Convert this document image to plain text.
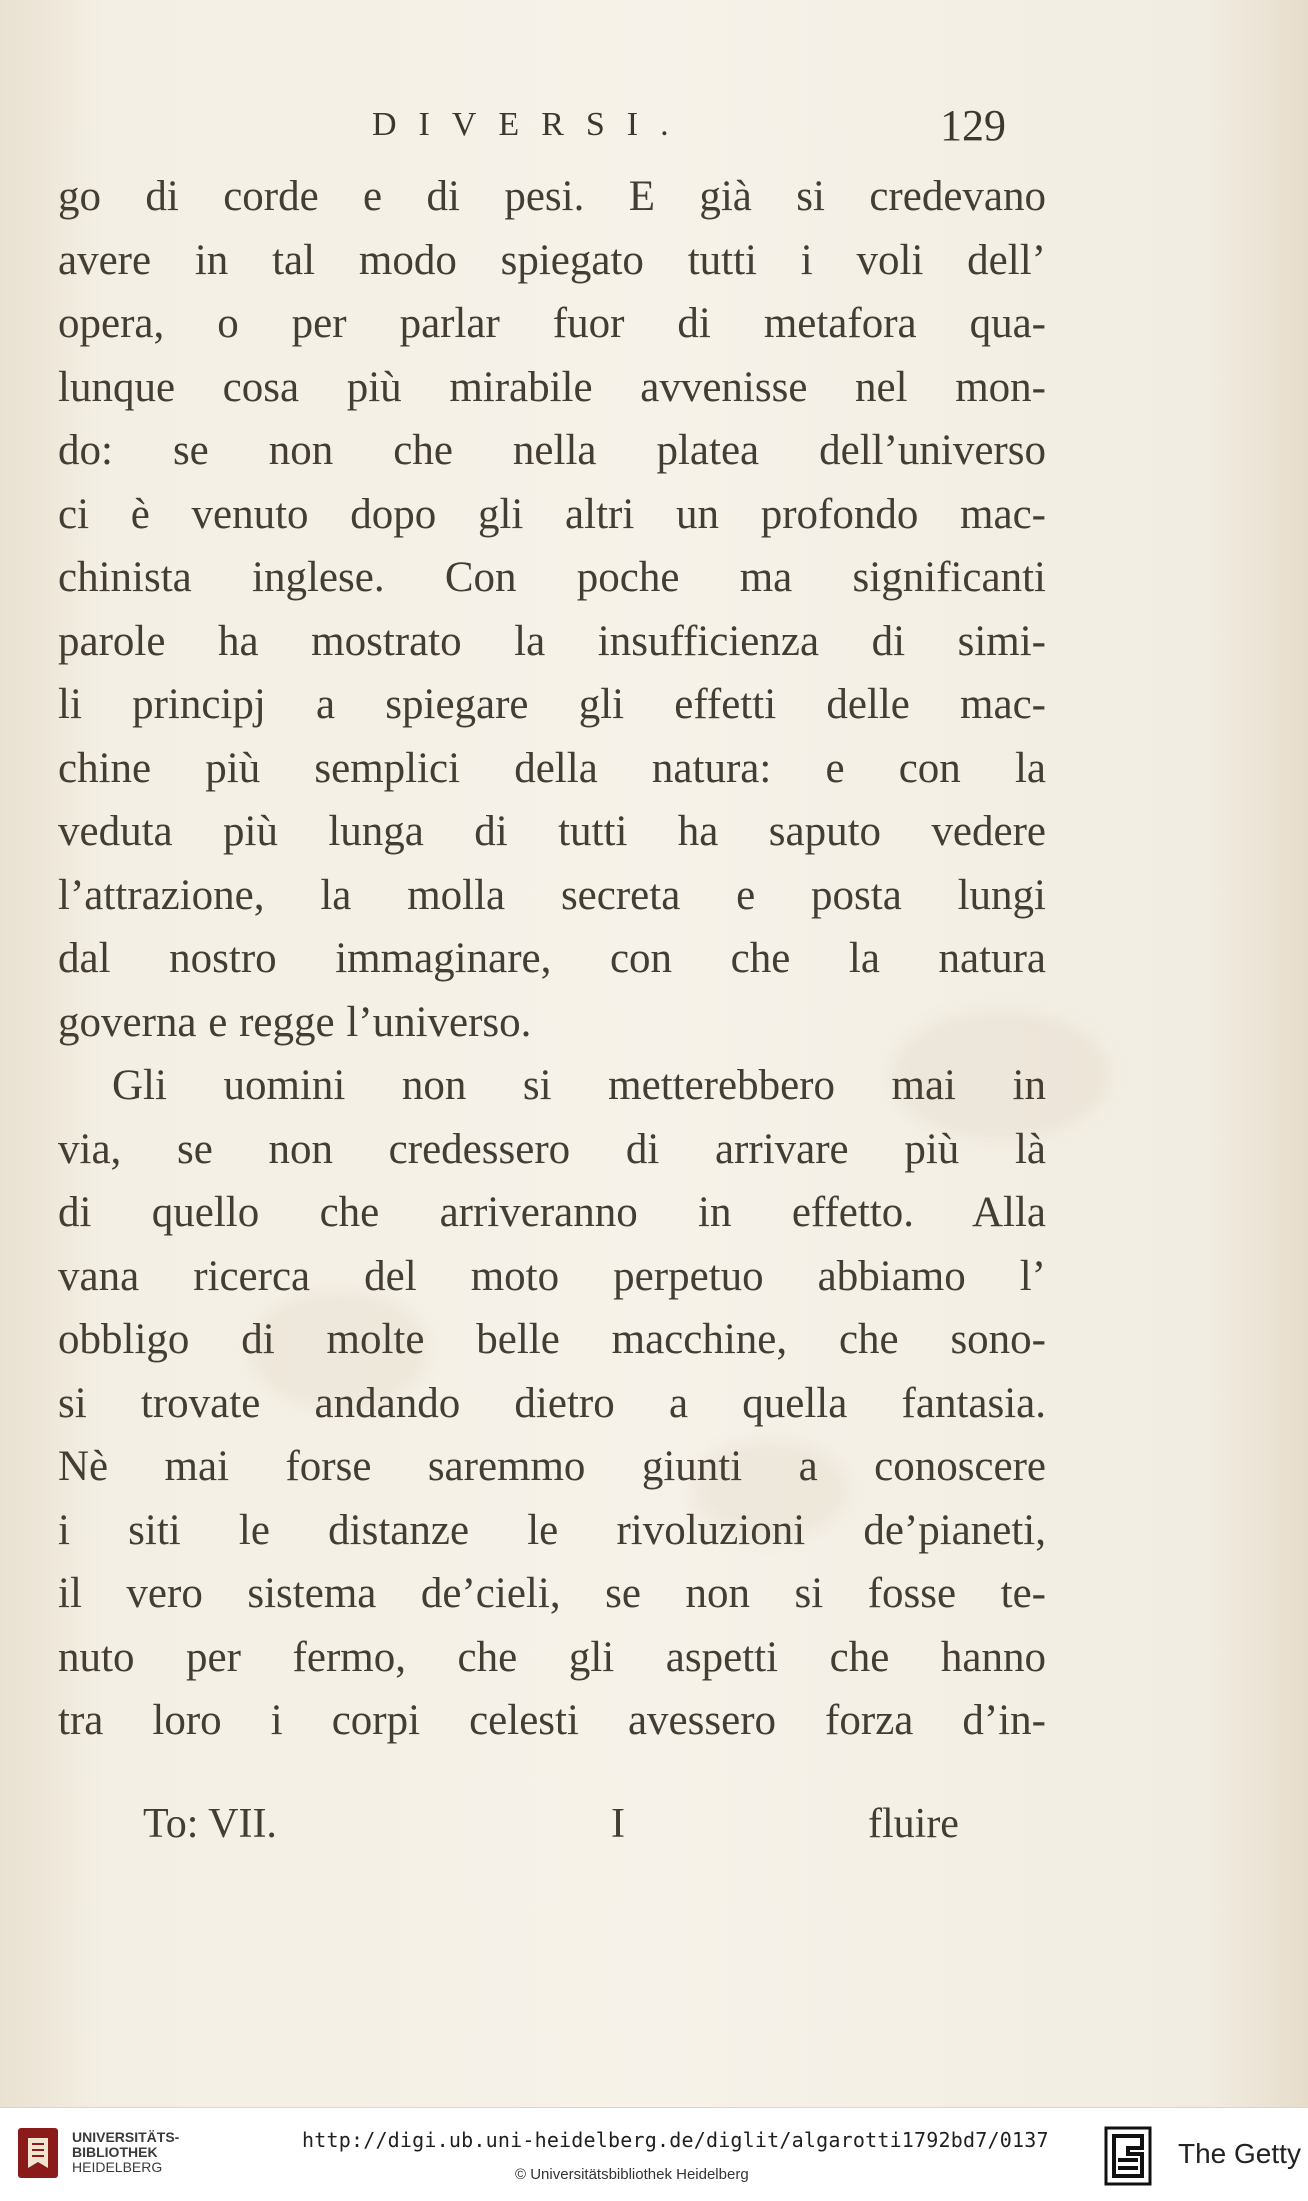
DIVERSI.	129
go di corde e di pesi. E già si credevano
avere in tal modo spiegato tutti i voli dell’
opera, o per parlar fuor di metafora qua-
lunque cosa più mirabile avvenisse nel mon-
do: se non che nella platea dell’universo
ci è venuto dopo gli altri un profondo mac-
chinista inglese. Con poche ma significanti
parole ha mostrato la insufficienza di simi-
li principj a spiegare gli effetti delle mac-
chine più semplici della natura: e con la
veduta più lunga di tutti ha saputo vedere
l’attrazione, la molla secreta e posta lungi
dal nostro immaginare, con che la natura
governa e regge l’universo.
Gli uomini non si metterebbero mai in
via, se non credessero di arrivare più là
di quello che arriveranno in effetto. Alla
vana ricerca del moto perpetuo abbiamo l’
obbligo di molte belle macchine, che sono-
si trovate andando dietro a quella fantasia.
Nè mai forse saremmo giunti a conoscere
i siti le distanze le rivoluzioni de’pianeti,
il vero sistema de’cieli, se non si fosse te-
nuto per fermo, che gli aspetti che hanno
tra loro i corpi celesti avessero forza d’in-
To: VII.	I	fluire
UNIVERSITÄTS-
BIBLIOTHEK
HEIDELBERG
http://digi.ub.uni-heidelberg.de/diglit/algarotti1792bd7/0137
© Universitätsbibliothek Heidelberg
The Getty
